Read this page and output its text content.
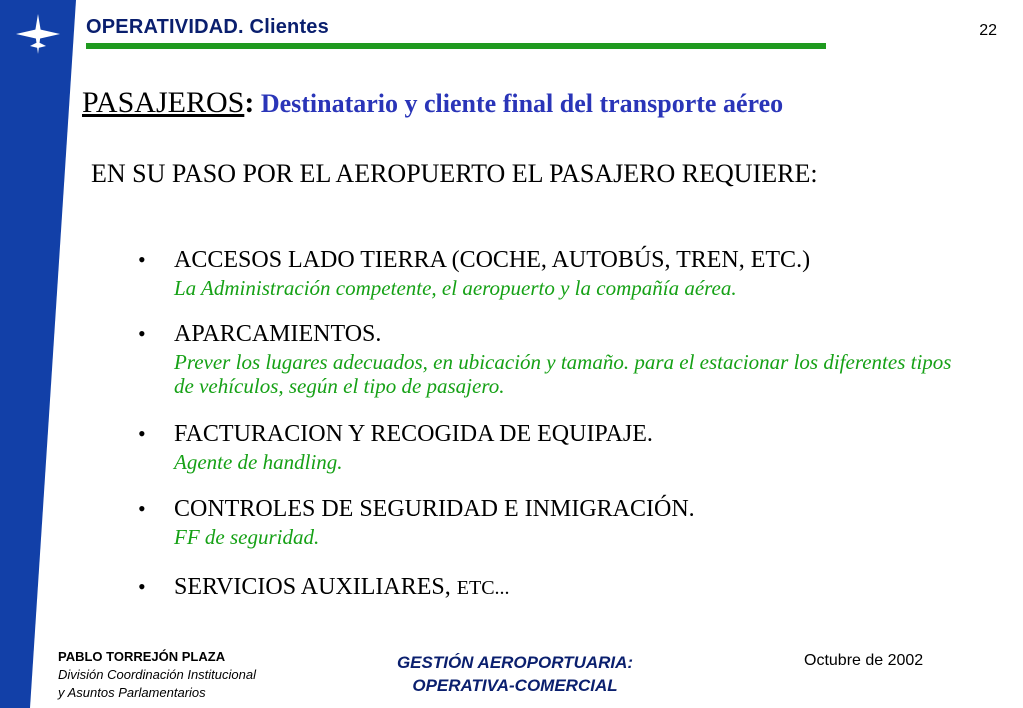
OPERATIVIDAD. Clientes	22
PASAJEROS: Destinatario y cliente final del transporte aéreo
EN SU PASO POR EL AEROPUERTO EL PASAJERO REQUIERE:
• ACCESOS LADO TIERRA (COCHE, AUTOBÚS, TREN, ETC.)
La Administración competente, el aeropuerto y la compañía aérea.
• APARCAMIENTOS.
Prever los lugares adecuados, en ubicación y tamaño. para el estacionar los diferentes tipos de vehículos, según el tipo de pasajero.
• FACTURACION Y RECOGIDA DE EQUIPAJE.
Agente de handling.
• CONTROLES DE SEGURIDAD E INMIGRACIÓN.
FF de seguridad.
• SERVICIOS AUXILIARES, ETC...
PABLO TORREJÓN PLAZA
División Coordinación Institucional
y Asuntos Parlamentarios
GESTIÓN AEROPORTUARIA:
OPERATIVA-COMERCIAL
Octubre de 2002
